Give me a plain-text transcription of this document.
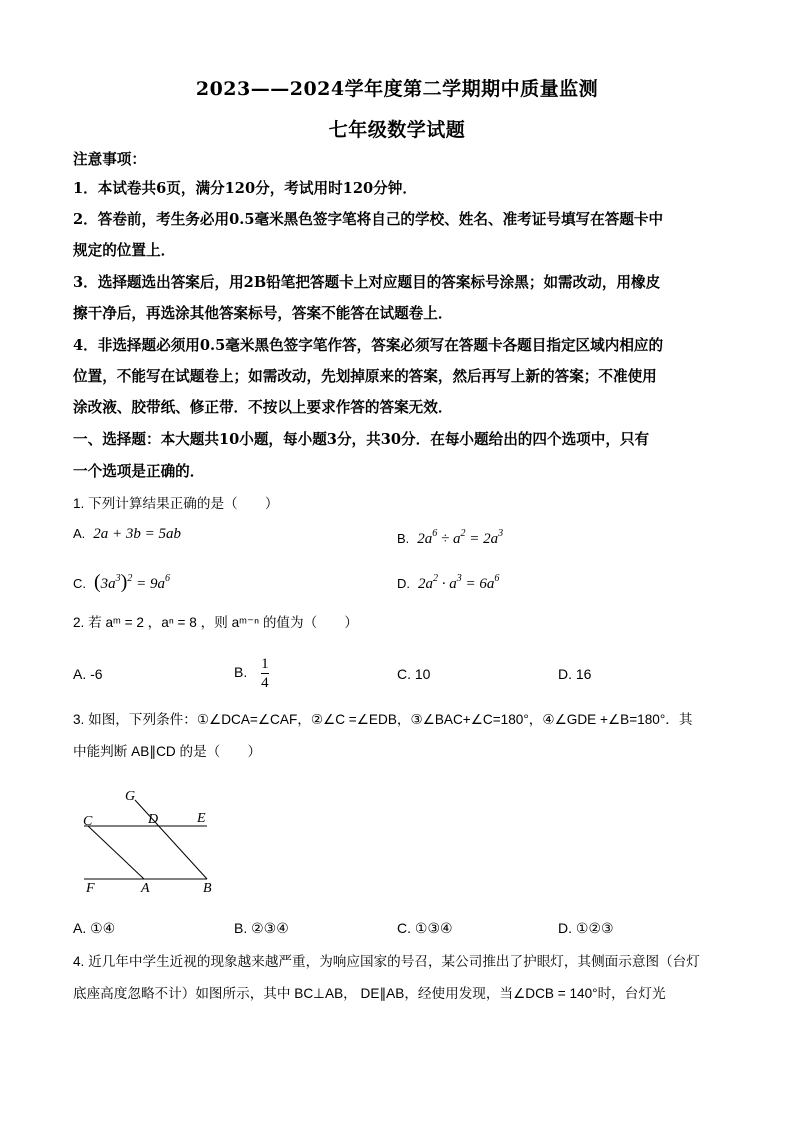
2023——2024学年度第二学期期中质量监测
七年级数学试题
注意事项：
1．本试卷共6页，满分120分，考试用时120分钟．
2．答卷前，考生务必用0.5毫米黑色签字笔将自己的学校、姓名、准考证号填写在答题卡中
规定的位置上．
3．选择题选出答案后，用2B铅笔把答题卡上对应题目的答案标号涂黑；如需改动，用橡皮
擦干净后，再选涂其他答案标号，答案不能答在试题卷上．
4．非选择题必须用0.5毫米黑色签字笔作答，答案必须写在答题卡各题目指定区域内相应的
位置，不能写在试题卷上；如需改动，先划掉原来的答案，然后再写上新的答案；不准使用
涂改液、胶带纸、修正带．不按以上要求作答的答案无效．
一、选择题：本大题共10小题，每小题3分，共30分．在每小题给出的四个选项中，只有
一个选项是正确的．
1. 下列计算结果正确的是（　　）
A. 2a + 3b = 5ab	B. $2a^6 \div a^2 = 2a^3$
C. $(3a^3)^2 = 9a^6$	D. $2a^2 \cdot a^3 = 6a^6$
2. 若 aᵐ = 2 ，aⁿ = 8 ，则 aᵐ⁻ⁿ 的值为（　　）
A. -6	B. $\frac{1}{4}$	C. 10	D. 16
3. 如图，下列条件：①∠DCA=∠CAF，②∠C =∠EDB，③∠BAC+∠C=180°，④∠GDE +∠B=180°．其
中能判断 AB∥CD 的是（　　）
G
C	D	E
F	A	B
A. ①④	B. ②③④	C. ①③④	D. ①②③
4. 近几年中学生近视的现象越来越严重，为响应国家的号召，某公司推出了护眼灯，其侧面示意图（台灯
底座高度忽略不计）如图所示，其中 BC⊥AB， DE∥AB，经使用发现，当∠DCB = 140°时，台灯光
